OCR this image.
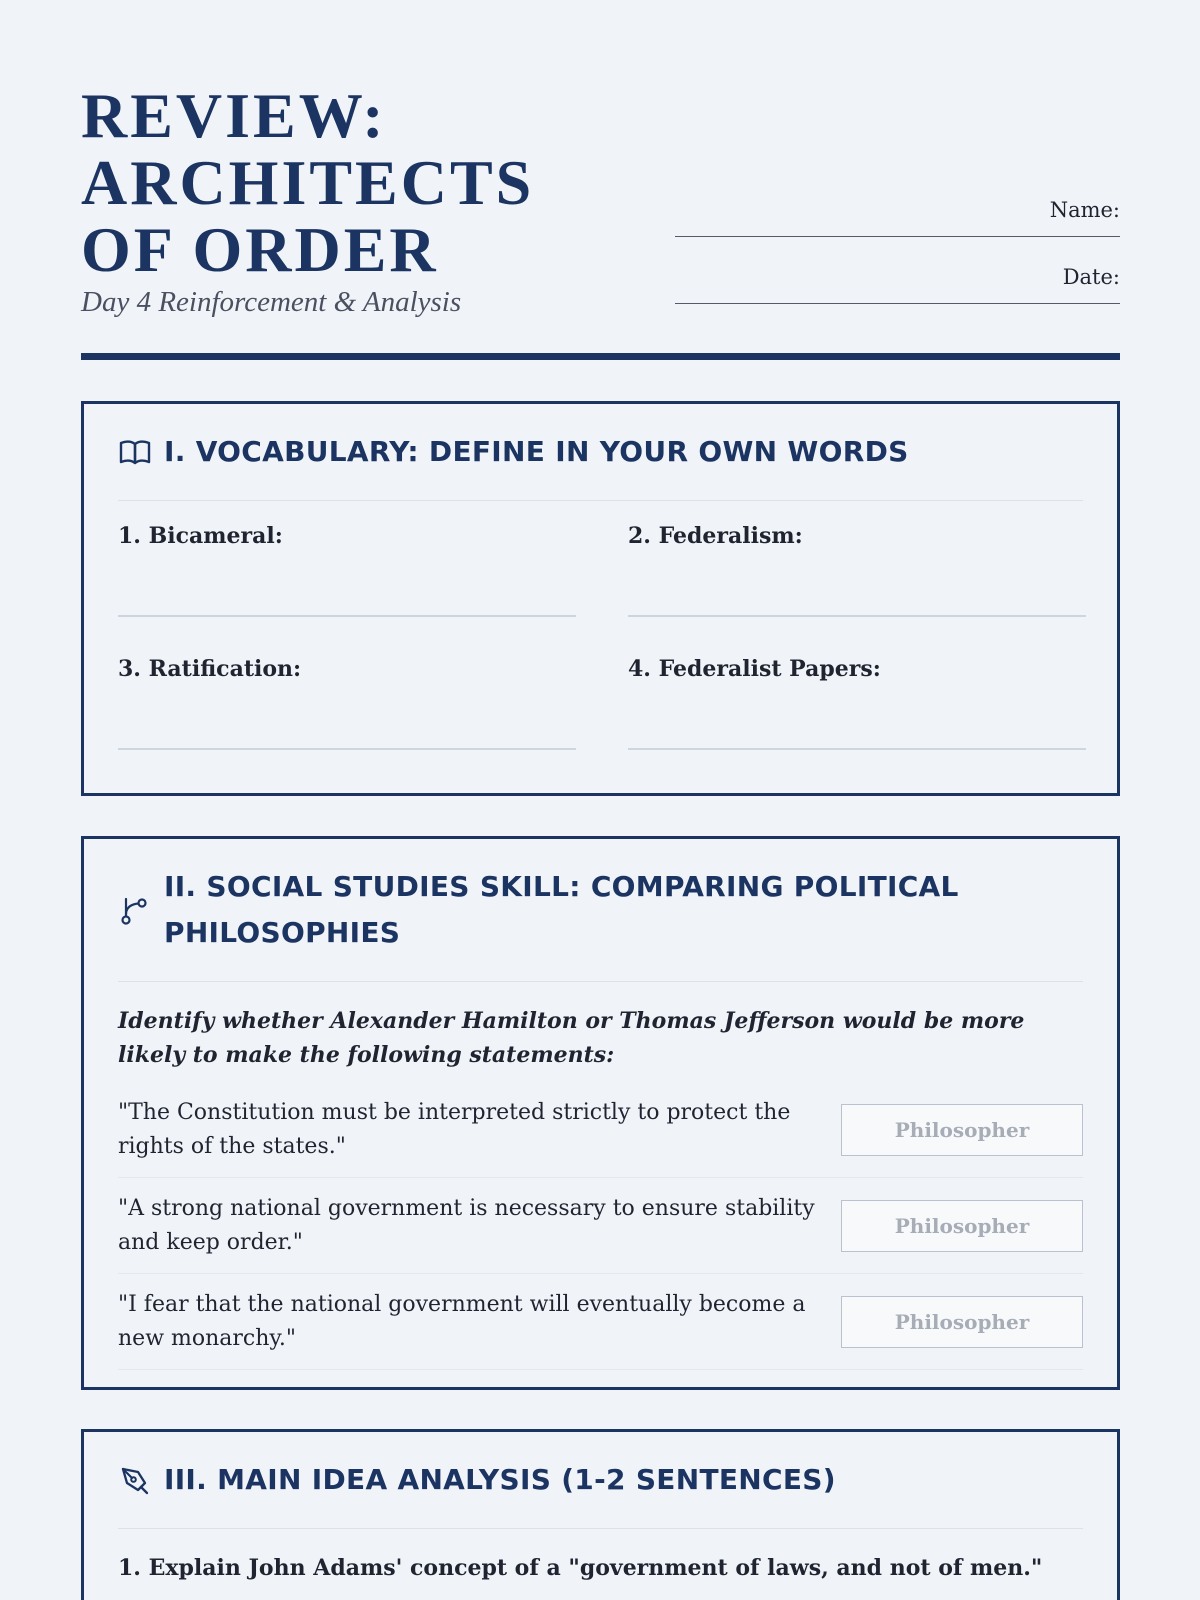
REVIEW: ARCHITECTS OF ORDER
Day 4 Reinforcement & Analysis
Name:
Date:
I. VOCABULARY: DEFINE IN YOUR OWN WORDS
1. Bicameral:	2. Federalism:
3. Ratification:	4. Federalist Papers:
II. SOCIAL STUDIES SKILL: COMPARING POLITICAL PHILOSOPHIES
Identify whether Alexander Hamilton or Thomas Jefferson would be more likely to make the following statements:
"The Constitution must be interpreted strictly to protect the rights of the states."
Philosopher
"A strong national government is necessary to ensure stability and keep order."
Philosopher
"I fear that the national government will eventually become a new monarchy."
Philosopher
III. MAIN IDEA ANALYSIS (1-2 SENTENCES)
1. Explain John Adams' concept of a "government of laws, and not of men."
